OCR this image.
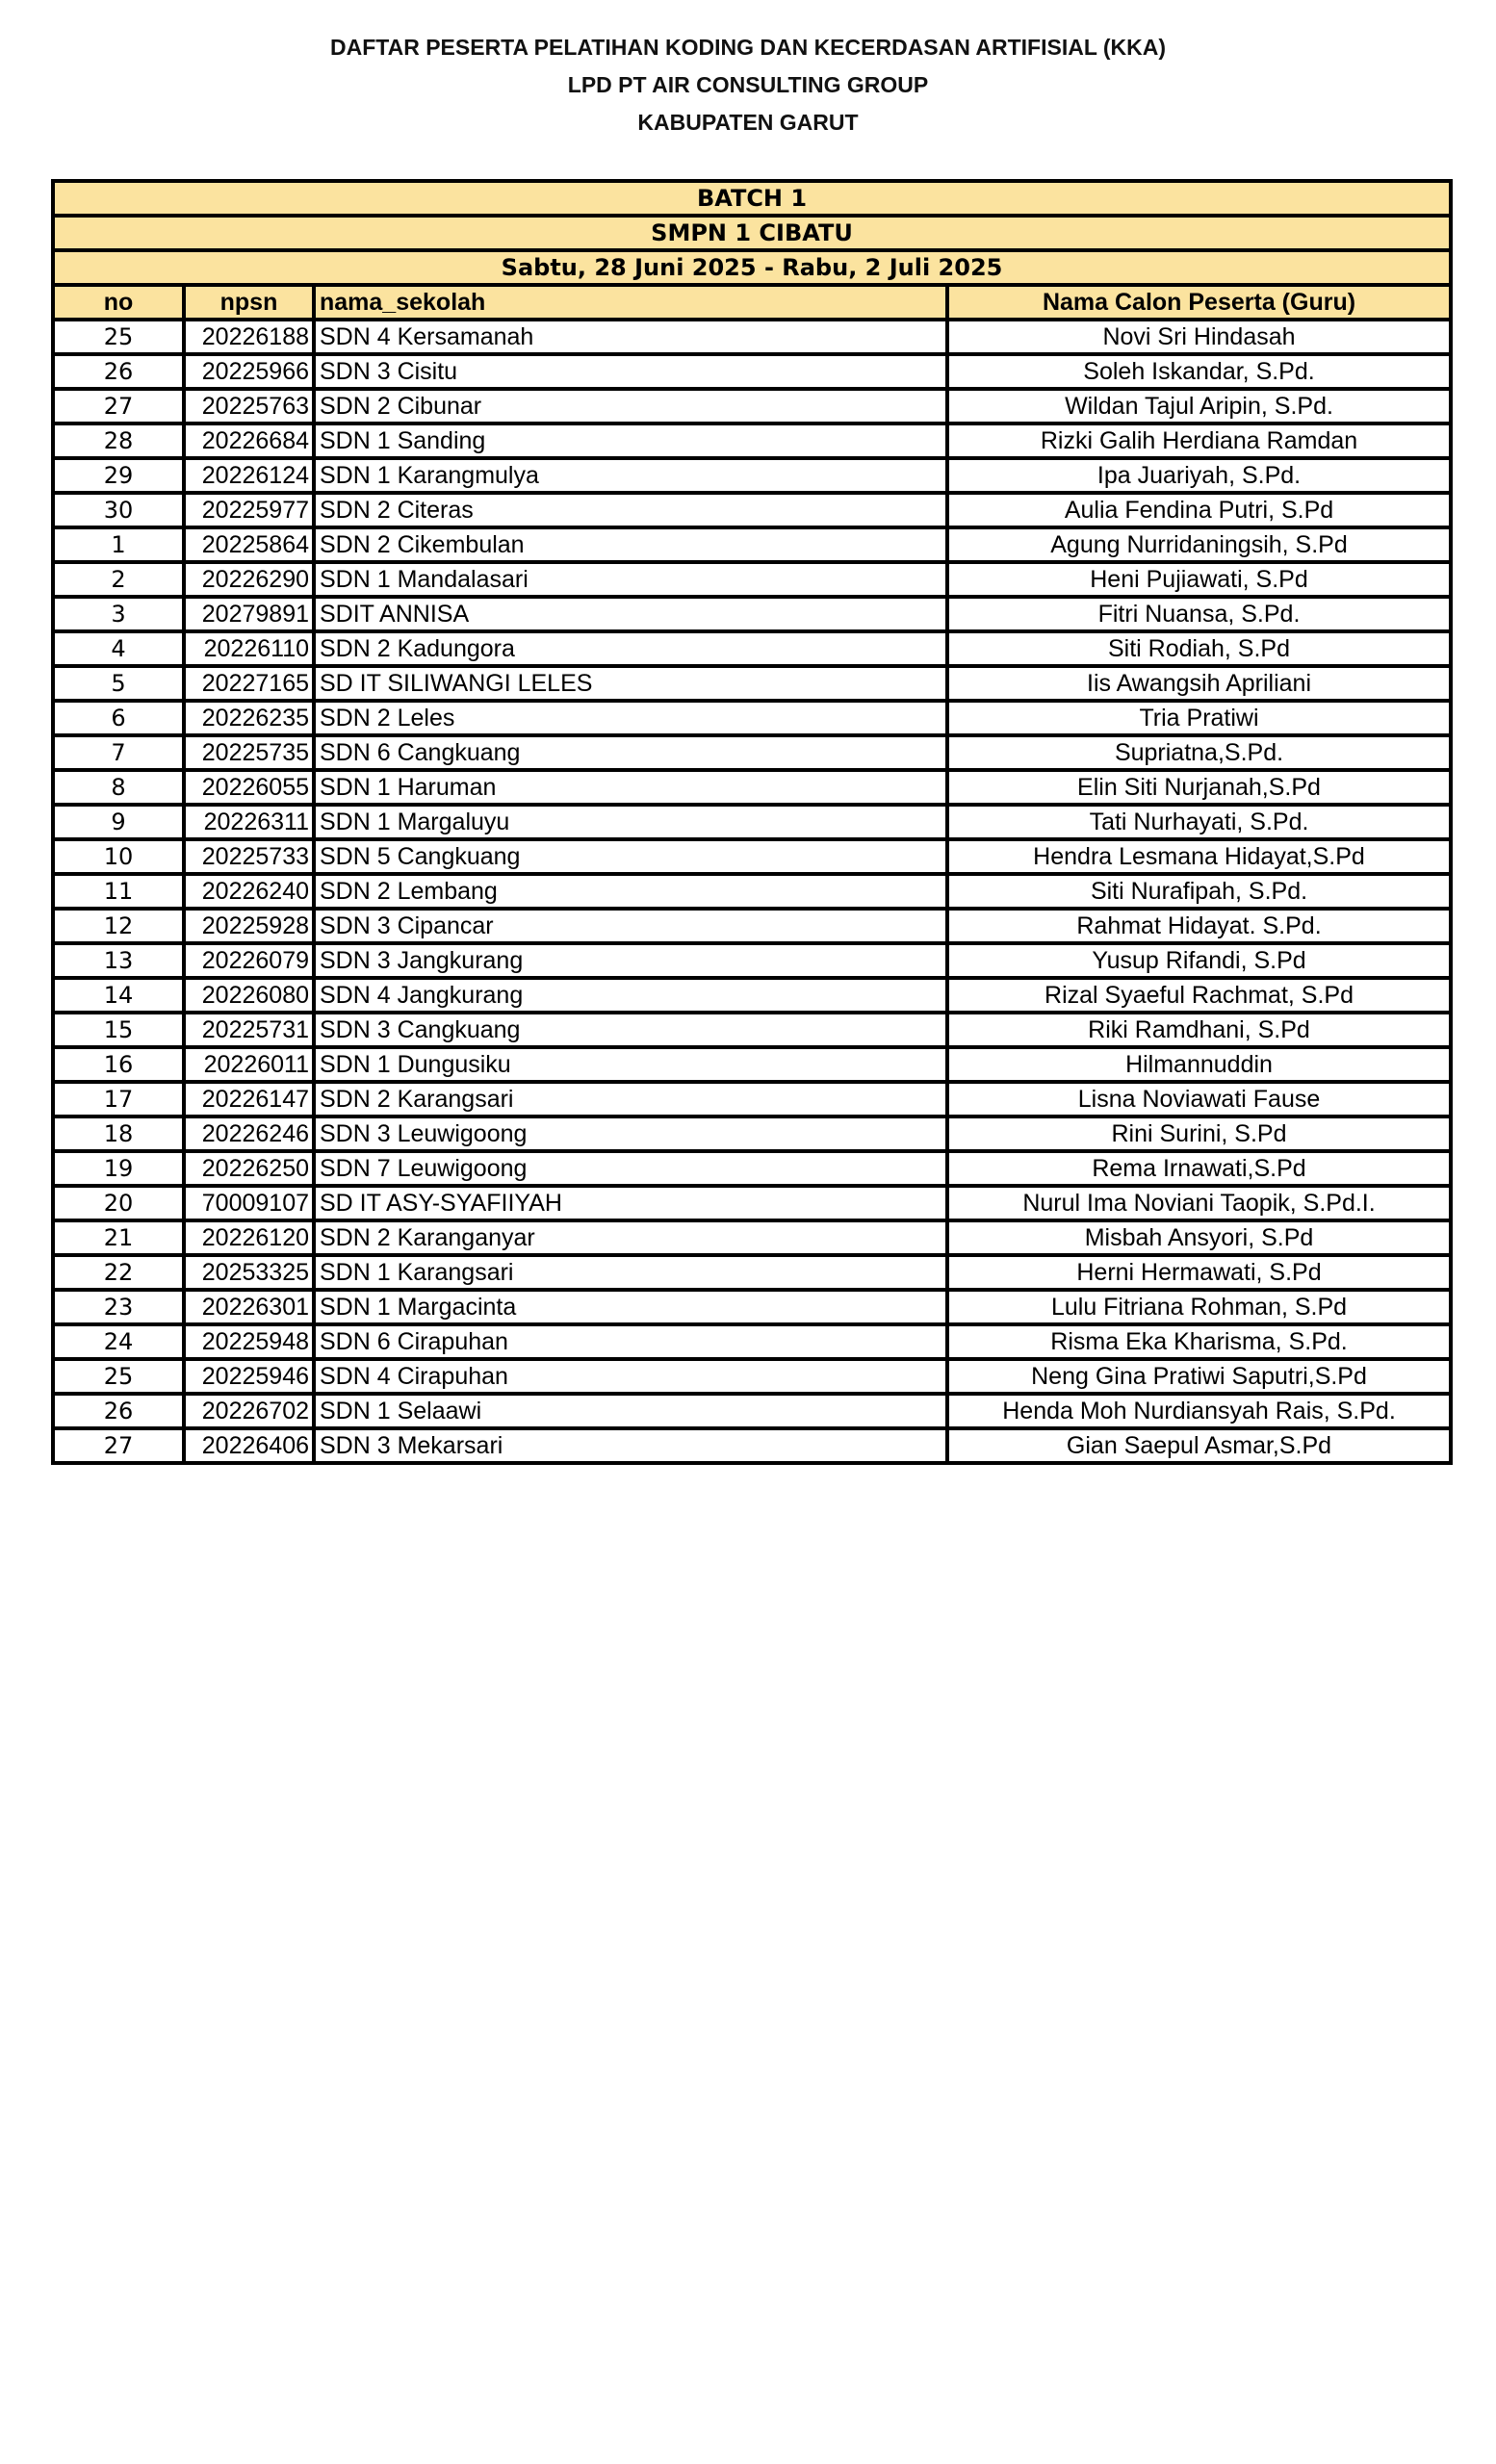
DAFTAR PESERTA PELATIHAN KODING DAN KECERDASAN ARTIFISIAL (KKA)
LPD PT AIR CONSULTING GROUP
KABUPATEN GARUT
BATCH 1			
SMPN 1 CIBATU			
Sabtu, 28 Juni 2025 - Rabu, 2 Juli 2025			
no	npsn	nama_sekolah	Nama Calon Peserta (Guru)
25	20226188	SDN 4 Kersamanah	Novi Sri Hindasah
26	20225966	SDN 3 Cisitu	Soleh Iskandar, S.Pd.
27	20225763	SDN 2 Cibunar	Wildan Tajul Aripin, S.Pd.
28	20226684	SDN 1 Sanding	Rizki Galih Herdiana Ramdan
29	20226124	SDN 1 Karangmulya	Ipa Juariyah, S.Pd.
30	20225977	SDN 2 Citeras	Aulia Fendina Putri, S.Pd
1	20225864	SDN 2 Cikembulan	Agung Nurridaningsih, S.Pd
2	20226290	SDN 1 Mandalasari	Heni Pujiawati, S.Pd
3	20279891	SDIT ANNISA	Fitri Nuansa, S.Pd.
4	20226110	SDN 2 Kadungora	Siti Rodiah, S.Pd
5	20227165	SD IT SILIWANGI LELES	Iis Awangsih Apriliani
6	20226235	SDN 2 Leles	Tria Pratiwi
7	20225735	SDN 6 Cangkuang	Supriatna,S.Pd.
8	20226055	SDN 1 Haruman	Elin Siti Nurjanah,S.Pd
9	20226311	SDN 1 Margaluyu	Tati Nurhayati, S.Pd.
10	20225733	SDN 5 Cangkuang	Hendra Lesmana Hidayat,S.Pd
11	20226240	SDN 2 Lembang	Siti Nurafipah, S.Pd.
12	20225928	SDN 3 Cipancar	Rahmat Hidayat. S.Pd.
13	20226079	SDN 3 Jangkurang	Yusup Rifandi, S.Pd
14	20226080	SDN 4 Jangkurang	Rizal Syaeful Rachmat, S.Pd
15	20225731	SDN 3 Cangkuang	Riki Ramdhani, S.Pd
16	20226011	SDN 1 Dungusiku	Hilmannuddin
17	20226147	SDN 2 Karangsari	Lisna Noviawati Fause
18	20226246	SDN 3 Leuwigoong	Rini Surini, S.Pd
19	20226250	SDN 7 Leuwigoong	Rema Irnawati,S.Pd
20	70009107	SD IT ASY-SYAFIIYAH	Nurul Ima Noviani Taopik, S.Pd.I.
21	20226120	SDN 2 Karanganyar	Misbah Ansyori, S.Pd
22	20253325	SDN 1 Karangsari	Herni Hermawati, S.Pd
23	20226301	SDN 1 Margacinta	Lulu Fitriana Rohman, S.Pd
24	20225948	SDN 6 Cirapuhan	Risma Eka Kharisma, S.Pd.
25	20225946	SDN 4 Cirapuhan	Neng Gina Pratiwi Saputri,S.Pd
26	20226702	SDN 1 Selaawi	Henda Moh Nurdiansyah Rais, S.Pd.
27	20226406	SDN 3 Mekarsari	Gian Saepul Asmar,S.Pd
